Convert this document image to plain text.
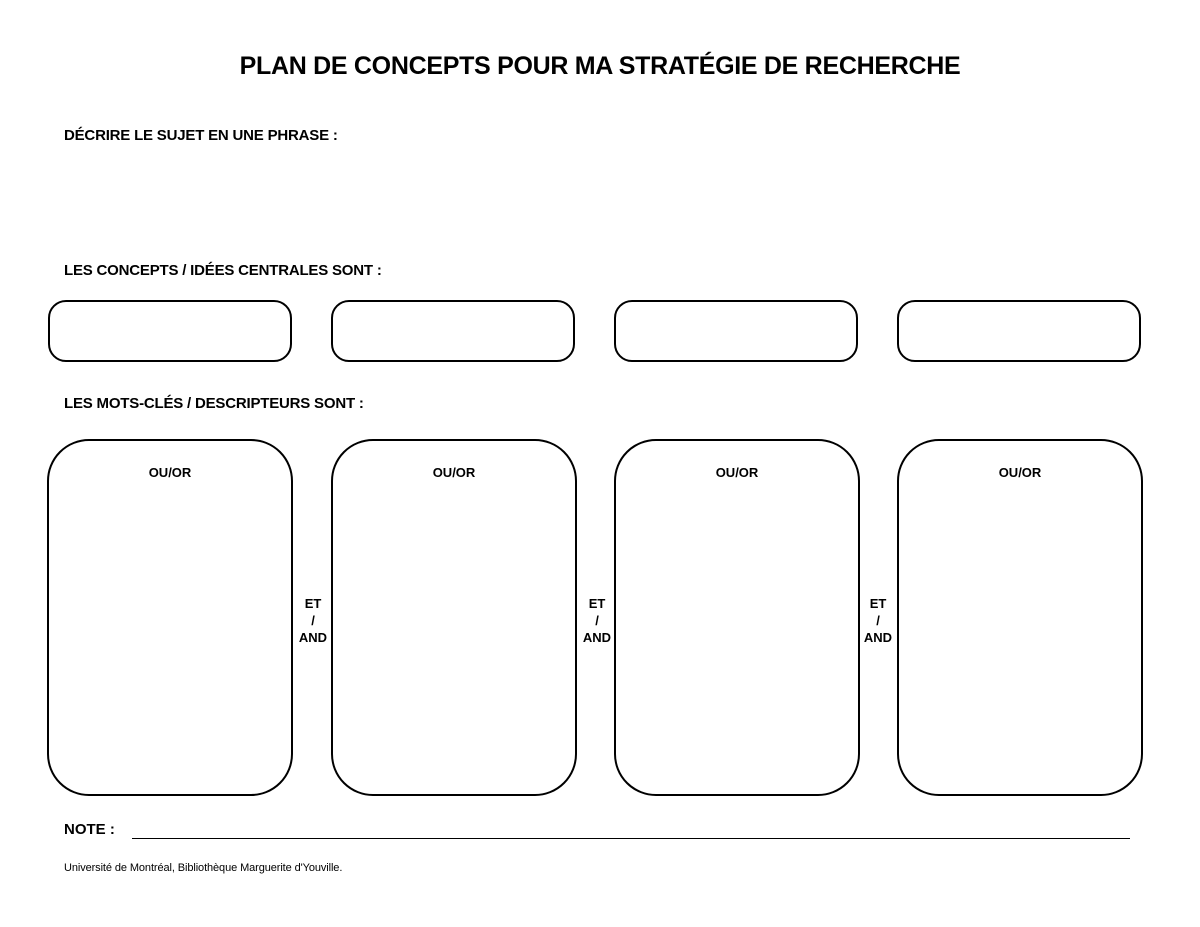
PLAN DE CONCEPTS POUR MA STRATÉGIE DE RECHERCHE
DÉCRIRE LE SUJET EN UNE PHRASE :
LES CONCEPTS / IDÉES CENTRALES SONT :
LES MOTS-CLÉS / DESCRIPTEURS SONT :
OU/OR	OU/OR	OU/OR	OU/OR
ET
/
AND
ET
/
AND
ET
/
AND
NOTE :
Université de Montréal, Bibliothèque Marguerite d'Youville.
